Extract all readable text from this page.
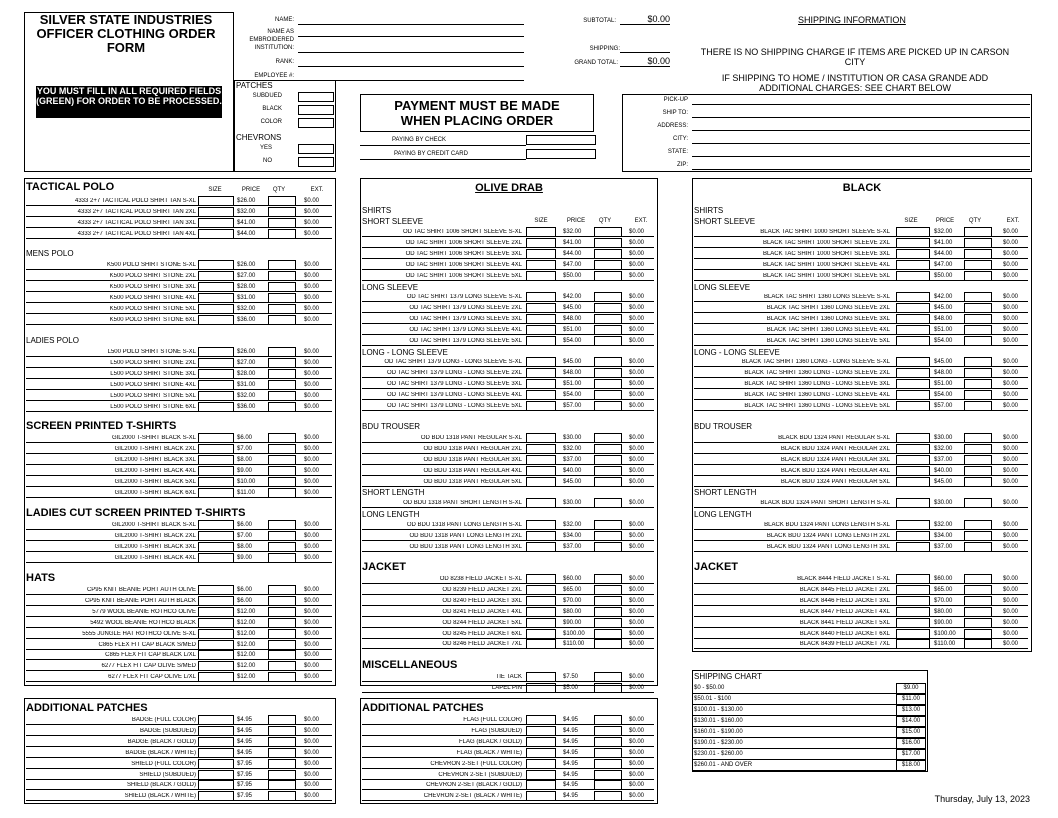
SILVER STATE INDUSTRIES OFFICER CLOTHING ORDER FORM
YOU MUST FILL IN ALL REQUIRED FIELDS (GREEN) FOR ORDER TO BE PROCESSED.
NAME:
NAME AS EMBROIDERED
INSTITUTION:
RANK:
EMPLOYEE #:
PATCHES
SUBDUED
BLACK
COLOR
CHEVRONS
YES
NO
PAYMENT MUST BE MADE WHEN PLACING ORDER
PAYING BY CHECK
PAYING BY CREDIT CARD
SUBTOTAL:	$0.00
SHIPPING:
GRAND TOTAL:	$0.00
SHIPPING INFORMATION
THERE IS NO SHIPPING CHARGE IF ITEMS ARE PICKED UP IN CARSON CITY
IF SHIPPING TO HOME / INSTITUTION OR CASA GRANDE ADD ADDITIONAL CHARGES: SEE CHART BELOW
PICK-UP
SHIP TO:
ADDRESS:
CITY:
STATE:
ZIP:
TACTICAL POLO	SIZE	PRICE	QTY	EXT.
4333 2+7 TACTICAL POLO SHIRT TAN S-XL	$26.00	$0.00
4333 2+7 TACTICAL POLO SHIRT TAN 2XL	$32.00	$0.00
4333 2+7 TACTICAL POLO SHIRT TAN 3XL	$41.00	$0.00
4333 2+7 TACTICAL POLO SHIRT TAN 4XL	$44.00	$0.00
MENS POLO
K500 POLO SHIRT STONE S-XL	$26.00	$0.00
K500 POLO SHIRT STONE 2XL	$27.00	$0.00
K500 POLO SHIRT STONE 3XL	$28.00	$0.00
K500 POLO SHIRT STONE 4XL	$31.00	$0.00
K500 POLO SHIRT STONE 5XL	$32.00	$0.00
K500 POLO SHIRT STONE 6XL	$36.00	$0.00
LADIES POLO
L500 POLO SHIRT STONE S-XL	$26.00	$0.00
L500 POLO SHIRT STONE 2XL	$27.00	$0.00
L500 POLO SHIRT STONE 3XL	$28.00	$0.00
L500 POLO SHIRT STONE 4XL	$31.00	$0.00
L500 POLO SHIRT STONE 5XL	$32.00	$0.00
L500 POLO SHIRT STONE 6XL	$36.00	$0.00
SCREEN PRINTED T-SHIRTS
GIL2000 T-SHIRT BLACK S-XL	$6.00	$0.00
GIL2000 T-SHIRT BLACK 2XL	$7.00	$0.00
GIL2000 T-SHIRT BLACK 3XL	$8.00	$0.00
GIL2000 T-SHIRT BLACK 4XL	$9.00	$0.00
GIL2000 T-SHIRT BLACK 5XL	$10.00	$0.00
GIL2000 T-SHIRT BLACK 6XL	$11.00	$0.00
LADIES CUT SCREEN PRINTED T-SHIRTS
GIL2000 T-SHIRT BLACK S-XL	$6.00	$0.00
GIL2000 T-SHIRT BLACK 2XL	$7.00	$0.00
GIL2000 T-SHIRT BLACK 3XL	$8.00	$0.00
GIL2000 T-SHIRT BLACK 4XL	$9.00	$0.00
HATS
CP95 KNIT BEANIE PORT AUTH OLIVE	$6.00	$0.00
CP95 KNIT BEANIE PORT AUTH BLACK	$6.00	$0.00
5779 WOOL BEANIE ROTHCO OLIVE	$12.00	$0.00
5492 WOOL BEANIE ROTHCO BLACK	$12.00	$0.00
5555 JUNGLE HAT ROTHCO OLIVE S-XL	$12.00	$0.00
C865 FLEX FIT CAP BLACK S/MED	$12.00	$0.00
C865 FLEX FIT CAP BLACK L/XL	$12.00	$0.00
6277 FLEX FIT CAP OLIVE S/MED	$12.00	$0.00
6277 FLEX FIT CAP OLIVE L/XL	$12.00	$0.00
ADDITIONAL PATCHES
BADGE (FULL COLOR)	$4.95	$0.00
BADGE (SUBDUED)	$4.95	$0.00
BADGE (BLACK / GOLD)	$4.95	$0.00
BADGE (BLACK / WHITE)	$4.95	$0.00
SHIELD (FULL COLOR)	$7.95	$0.00
SHIELD (SUBDUED)	$7.95	$0.00
SHIELD (BLACK / GOLD)	$7.95	$0.00
SHIELD (BLACK / WHITE)	$7.95	$0.00
OLIVE DRAB
SHIRTS
SHORT SLEEVE	SIZE	PRICE	QTY	EXT.
OD TAC SHIRT 1006 SHORT SLEEVE S-XL	$32.00	$0.00
OD TAC SHIRT 1006 SHORT SLEEVE 2XL	$41.00	$0.00
OD TAC SHIRT 1006 SHORT SLEEVE 3XL	$44.00	$0.00
OD TAC SHIRT 1006 SHORT SLEEVE 4XL	$47.00	$0.00
OD TAC SHIRT 1006 SHORT SLEEVE 5XL	$50.00	$0.00
LONG SLEEVE
OD TAC SHIRT 1379 LONG SLEEVE S-XL	$42.00	$0.00
OD TAC SHIRT 1379 LONG SLEEVE 2XL	$45.00	$0.00
OD TAC SHIRT 1379 LONG SLEEVE 3XL	$48.00	$0.00
OD TAC SHIRT 1379 LONG SLEEVE 4XL	$51.00	$0.00
OD TAC SHIRT 1379 LONG SLEEVE 5XL	$54.00	$0.00
LONG - LONG SLEEVE
OD TAC SHIRT 1379 LONG - LONG SLEEVE S-XL	$45.00	$0.00
OD TAC SHIRT 1379 LONG - LONG SLEEVE 2XL	$48.00	$0.00
OD TAC SHIRT 1379 LONG - LONG SLEEVE 3XL	$51.00	$0.00
OD TAC SHIRT 1379 LONG - LONG SLEEVE 4XL	$54.00	$0.00
OD TAC SHIRT 1379 LONG - LONG SLEEVE 5XL	$57.00	$0.00
BDU TROUSER
OD BDU 1318 PANT REGULAR S-XL	$30.00	$0.00
OD BDU 1318 PANT REGULAR 2XL	$32.00	$0.00
OD BDU 1318 PANT REGULAR 3XL	$37.00	$0.00
OD BDU 1318 PANT REGULAR 4XL	$40.00	$0.00
OD BDU 1318 PANT REGULAR 5XL	$45.00	$0.00
SHORT LENGTH
OD BDU 1318 PANT SHORT LENGTH S-XL	$30.00	$0.00
LONG LENGTH
OD BDU 1318 PANT LONG LENGTH S-XL	$32.00	$0.00
OD BDU 1318 PANT LONG LENGTH 2XL	$34.00	$0.00
OD BDU 1318 PANT LONG LENGTH 3XL	$37.00	$0.00
JACKET
OD 8238 FIELD JACKET S-XL	$60.00	$0.00
OD 8239 FIELD JACKET 2XL	$65.00	$0.00
OD 8240 FIELD JACKET 3XL	$70.00	$0.00
OD 8241 FIELD JACKET 4XL	$80.00	$0.00
OD 8244 FIELD JACKET 5XL	$90.00	$0.00
OD 8245 FIELD JACKET 6XL	$100.00	$0.00
OD 8246 FIELD JACKET 7XL	$110.00	$0.00
MISCELLANEOUS
TIE TACK	$7.50	$0.00
LAPEL PIN	$5.00	$0.00
ADDITIONAL PATCHES
FLAG (FULL COLOR)	$4.95	$0.00
FLAG (SUBDUED)	$4.95	$0.00
FLAG (BLACK / GOLD)	$4.95	$0.00
FLAG (BLACK / WHITE)	$4.95	$0.00
CHEVRON 2-SET (FULL COLOR)	$4.95	$0.00
CHEVRON 2-SET (SUBDUED)	$4.95	$0.00
CHEVRON 2-SET (BLACK / GOLD)	$4.95	$0.00
CHEVRON 2-SET (BLACK / WHITE)	$4.95	$0.00
BLACK
SHIRTS
SHORT SLEEVE	SIZE	PRICE	QTY	EXT.
BLACK TAC SHIRT 1000 SHORT SLEEVE S-XL	$32.00	$0.00
BLACK TAC SHIRT 1000 SHORT SLEEVE 2XL	$41.00	$0.00
BLACK TAC SHIRT 1000 SHORT SLEEVE 3XL	$44.00	$0.00
BLACK TAC SHIRT 1000 SHORT SLEEVE 4XL	$47.00	$0.00
BLACK TAC SHIRT 1000 SHORT SLEEVE 5XL	$50.00	$0.00
LONG SLEEVE
BLACK TAC SHIRT 1360 LONG SLEEVE S-XL	$42.00	$0.00
BLACK TAC SHIRT 1360 LONG SLEEVE 2XL	$45.00	$0.00
BLACK TAC SHIRT 1360 LONG SLEEVE 3XL	$48.00	$0.00
BLACK TAC SHIRT 1360 LONG SLEEVE 4XL	$51.00	$0.00
BLACK TAC SHIRT 1360 LONG SLEEVE 5XL	$54.00	$0.00
LONG - LONG SLEEVE
BLACK TAC SHIRT 1360 LONG - LONG SLEEVE S-XL	$45.00	$0.00
BLACK TAC SHIRT 1360 LONG - LONG SLEEVE 2XL	$48.00	$0.00
BLACK TAC SHIRT 1360 LONG - LONG SLEEVE 3XL	$51.00	$0.00
BLACK TAC SHIRT 1360 LONG - LONG SLEEVE 4XL	$54.00	$0.00
BLACK TAC SHIRT 1360 LONG - LONG SLEEVE 5XL	$57.00	$0.00
BDU TROUSER
BLACK BDU 1324 PANT REGULAR S-XL	$30.00	$0.00
BLACK BDU 1324 PANT REGULAR 2XL	$32.00	$0.00
BLACK BDU 1324 PANT REGULAR 3XL	$37.00	$0.00
BLACK BDU 1324 PANT REGULAR 4XL	$40.00	$0.00
BLACK BDU 1324 PANT REGULAR 5XL	$45.00	$0.00
SHORT LENGTH
BLACK BDU 1324 PANT SHORT LENGTH S-XL	$30.00	$0.00
LONG LENGTH
BLACK BDU 1324 PANT LONG LENGTH S-XL	$32.00	$0.00
BLACK BDU 1324 PANT LONG LENGTH 2XL	$34.00	$0.00
BLACK BDU 1324 PANT LONG LENGTH 3XL	$37.00	$0.00
JACKET
BLACK 8444 FIELD JACKET S-XL	$60.00	$0.00
BLACK 8445 FIELD JACKET 2XL	$65.00	$0.00
BLACK 8446 FIELD JACKET 3XL	$70.00	$0.00
BLACK 8447 FIELD JACKET 4XL	$80.00	$0.00
BLACK 8441 FIELD JACKET 5XL	$90.00	$0.00
BLACK 8440 FIELD JACKET 6XL	$100.00	$0.00
BLACK 8439 FIELD JACKET 7XL	$110.00	$0.00
SHIPPING CHART
$0 - $50.00	$9.00
$50.01 - $100	$11.00
$100.01 - $130.00	$13.00
$130.01 - $160.00	$14.00
$160.01 - $190.00	$15.00
$190.01 - $230.00	$16.00
$230.01 - $260.00	$17.00
$260.01 - AND OVER	$18.00
Thursday, July 13, 2023
